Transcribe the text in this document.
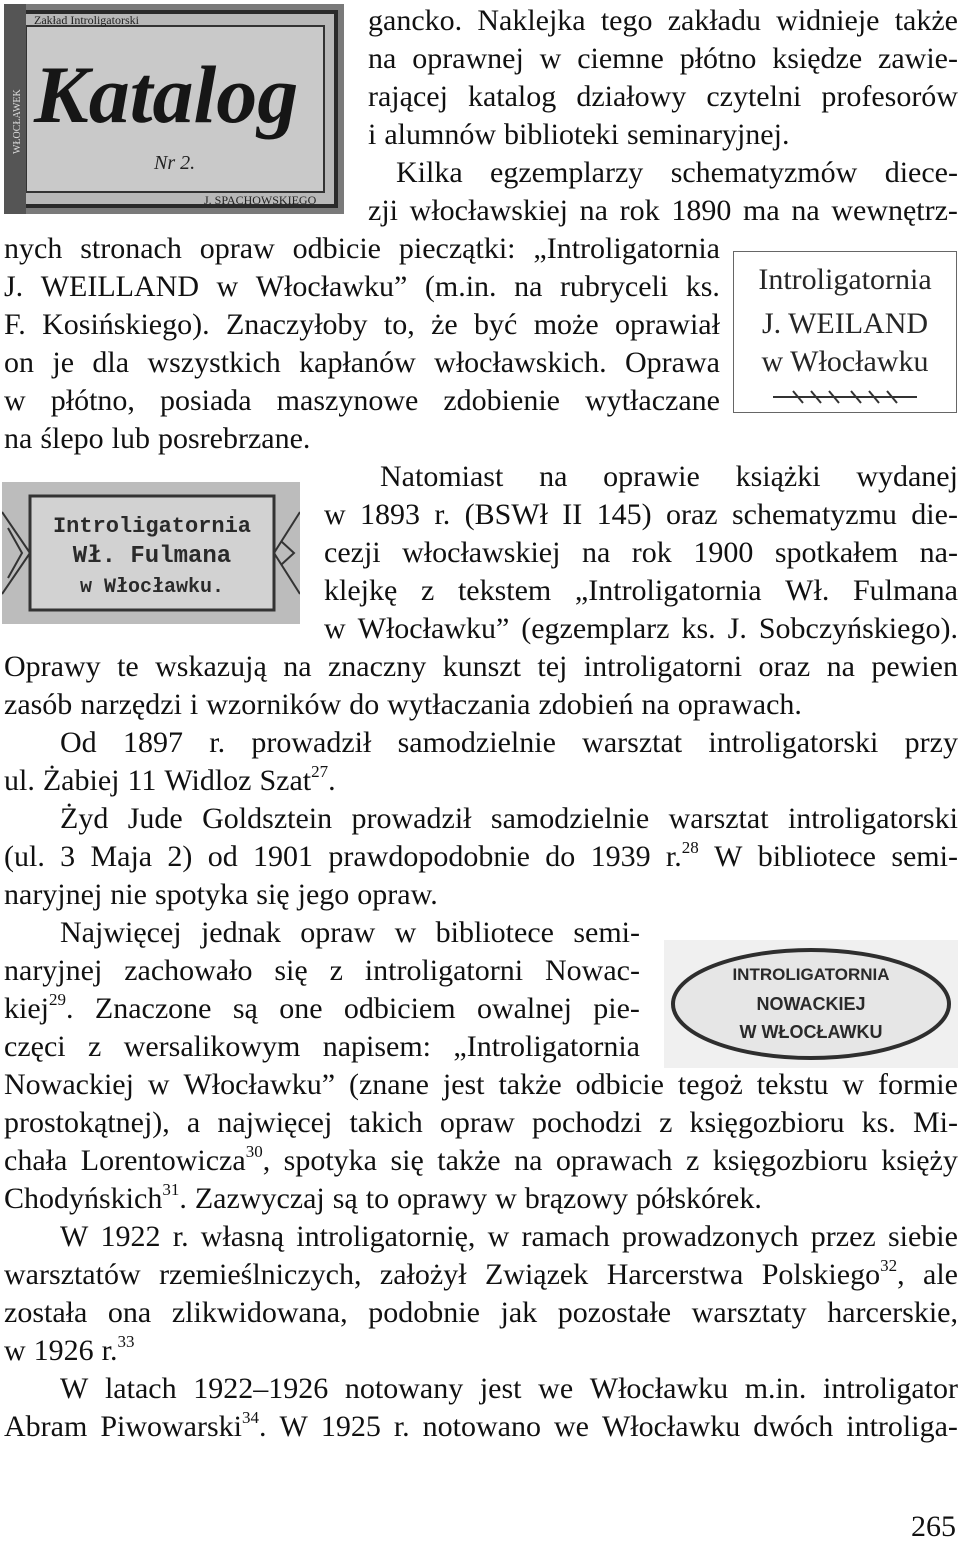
Zakład Introligatorski
Katalog
Nr 2.
J. SPACHOWSKIEGO
WŁOCŁAWEK
Introligatornia
J. WEILAND
w Włocławku
Introligatornia
Wł. Fulmana
w Włocławku.
INTROLIGATORNIA
NOWACKIEJ
W WŁOCŁAWKU
gancko. Naklejka tego zakładu widnieje także
na oprawnej w ciemne płótno księdze zawie-
rającej katalog działowy czytelni profesorów
i alumnów biblioteki seminaryjnej.
Kilka egzemplarzy schematyzmów diece-
zji włocławskiej na rok 1890 ma na wewnętrz-
nych stronach opraw odbicie pieczątki: „Introligatornia
J. WEILLAND w Włocławku” (m.in. na rubryceli ks.
F. Kosińskiego). Znaczyłoby to, że być może oprawiał
on je dla wszystkich kapłanów włocławskich. Oprawa
w płótno, posiada maszynowe zdobienie wytłaczane
na ślepo lub posrebrzane.
Natomiast na oprawie książki wydanej
w 1893 r. (BSWł II 145) oraz schematyzmu die-
cezji włocławskiej na rok 1900 spotkałem na-
klejkę z tekstem „Introligatornia Wł. Fulmana
w Włocławku” (egzemplarz ks. J. Sobczyńskiego).
Oprawy te wskazują na znaczny kunszt tej introligatorni oraz na pewien
zasób narzędzi i wzorników do wytłaczania zdobień na oprawach.
Od 1897 r. prowadził samodzielnie warsztat introligatorski przy
ul. Żabiej 11 Widloz Szat$^{27}$.
Żyd Jude Goldsztein prowadził samodzielnie warsztat introligatorski
(ul. 3 Maja 2) od 1901 prawdopodobnie do 1939 r.$^{28}$ W bibliotece semi-
naryjnej nie spotyka się jego opraw.
Najwięcej jednak opraw w bibliotece semi-
naryjnej zachowało się z introligatorni Nowac-
kiej$^{29}$. Znaczone są one odbiciem owalnej pie-
częci z wersalikowym napisem: „Introligatornia
Nowackiej w Włocławku” (znane jest także odbicie tegoż tekstu w formie
prostokątnej), a najwięcej takich opraw pochodzi z księgozbioru ks. Mi-
chała Lorentowicza$^{30}$, spotyka się także na oprawach z księgozbioru księży
Chodyńskich$^{31}$. Zazwyczaj są to oprawy w brązowy półskórek.
W 1922 r. własną introligatornię, w ramach prowadzonych przez siebie
warsztatów rzemieślniczych, założył Związek Harcerstwa Polskiego$^{32}$, ale
została ona zlikwidowana, podobnie jak pozostałe warsztaty harcerskie,
w 1926 r.$^{33}$
W latach 1922–1926 notowany jest we Włocławku m.in. introligator
Abram Piwowarski$^{34}$. W 1925 r. notowano we Włocławku dwóch introliga-
265
